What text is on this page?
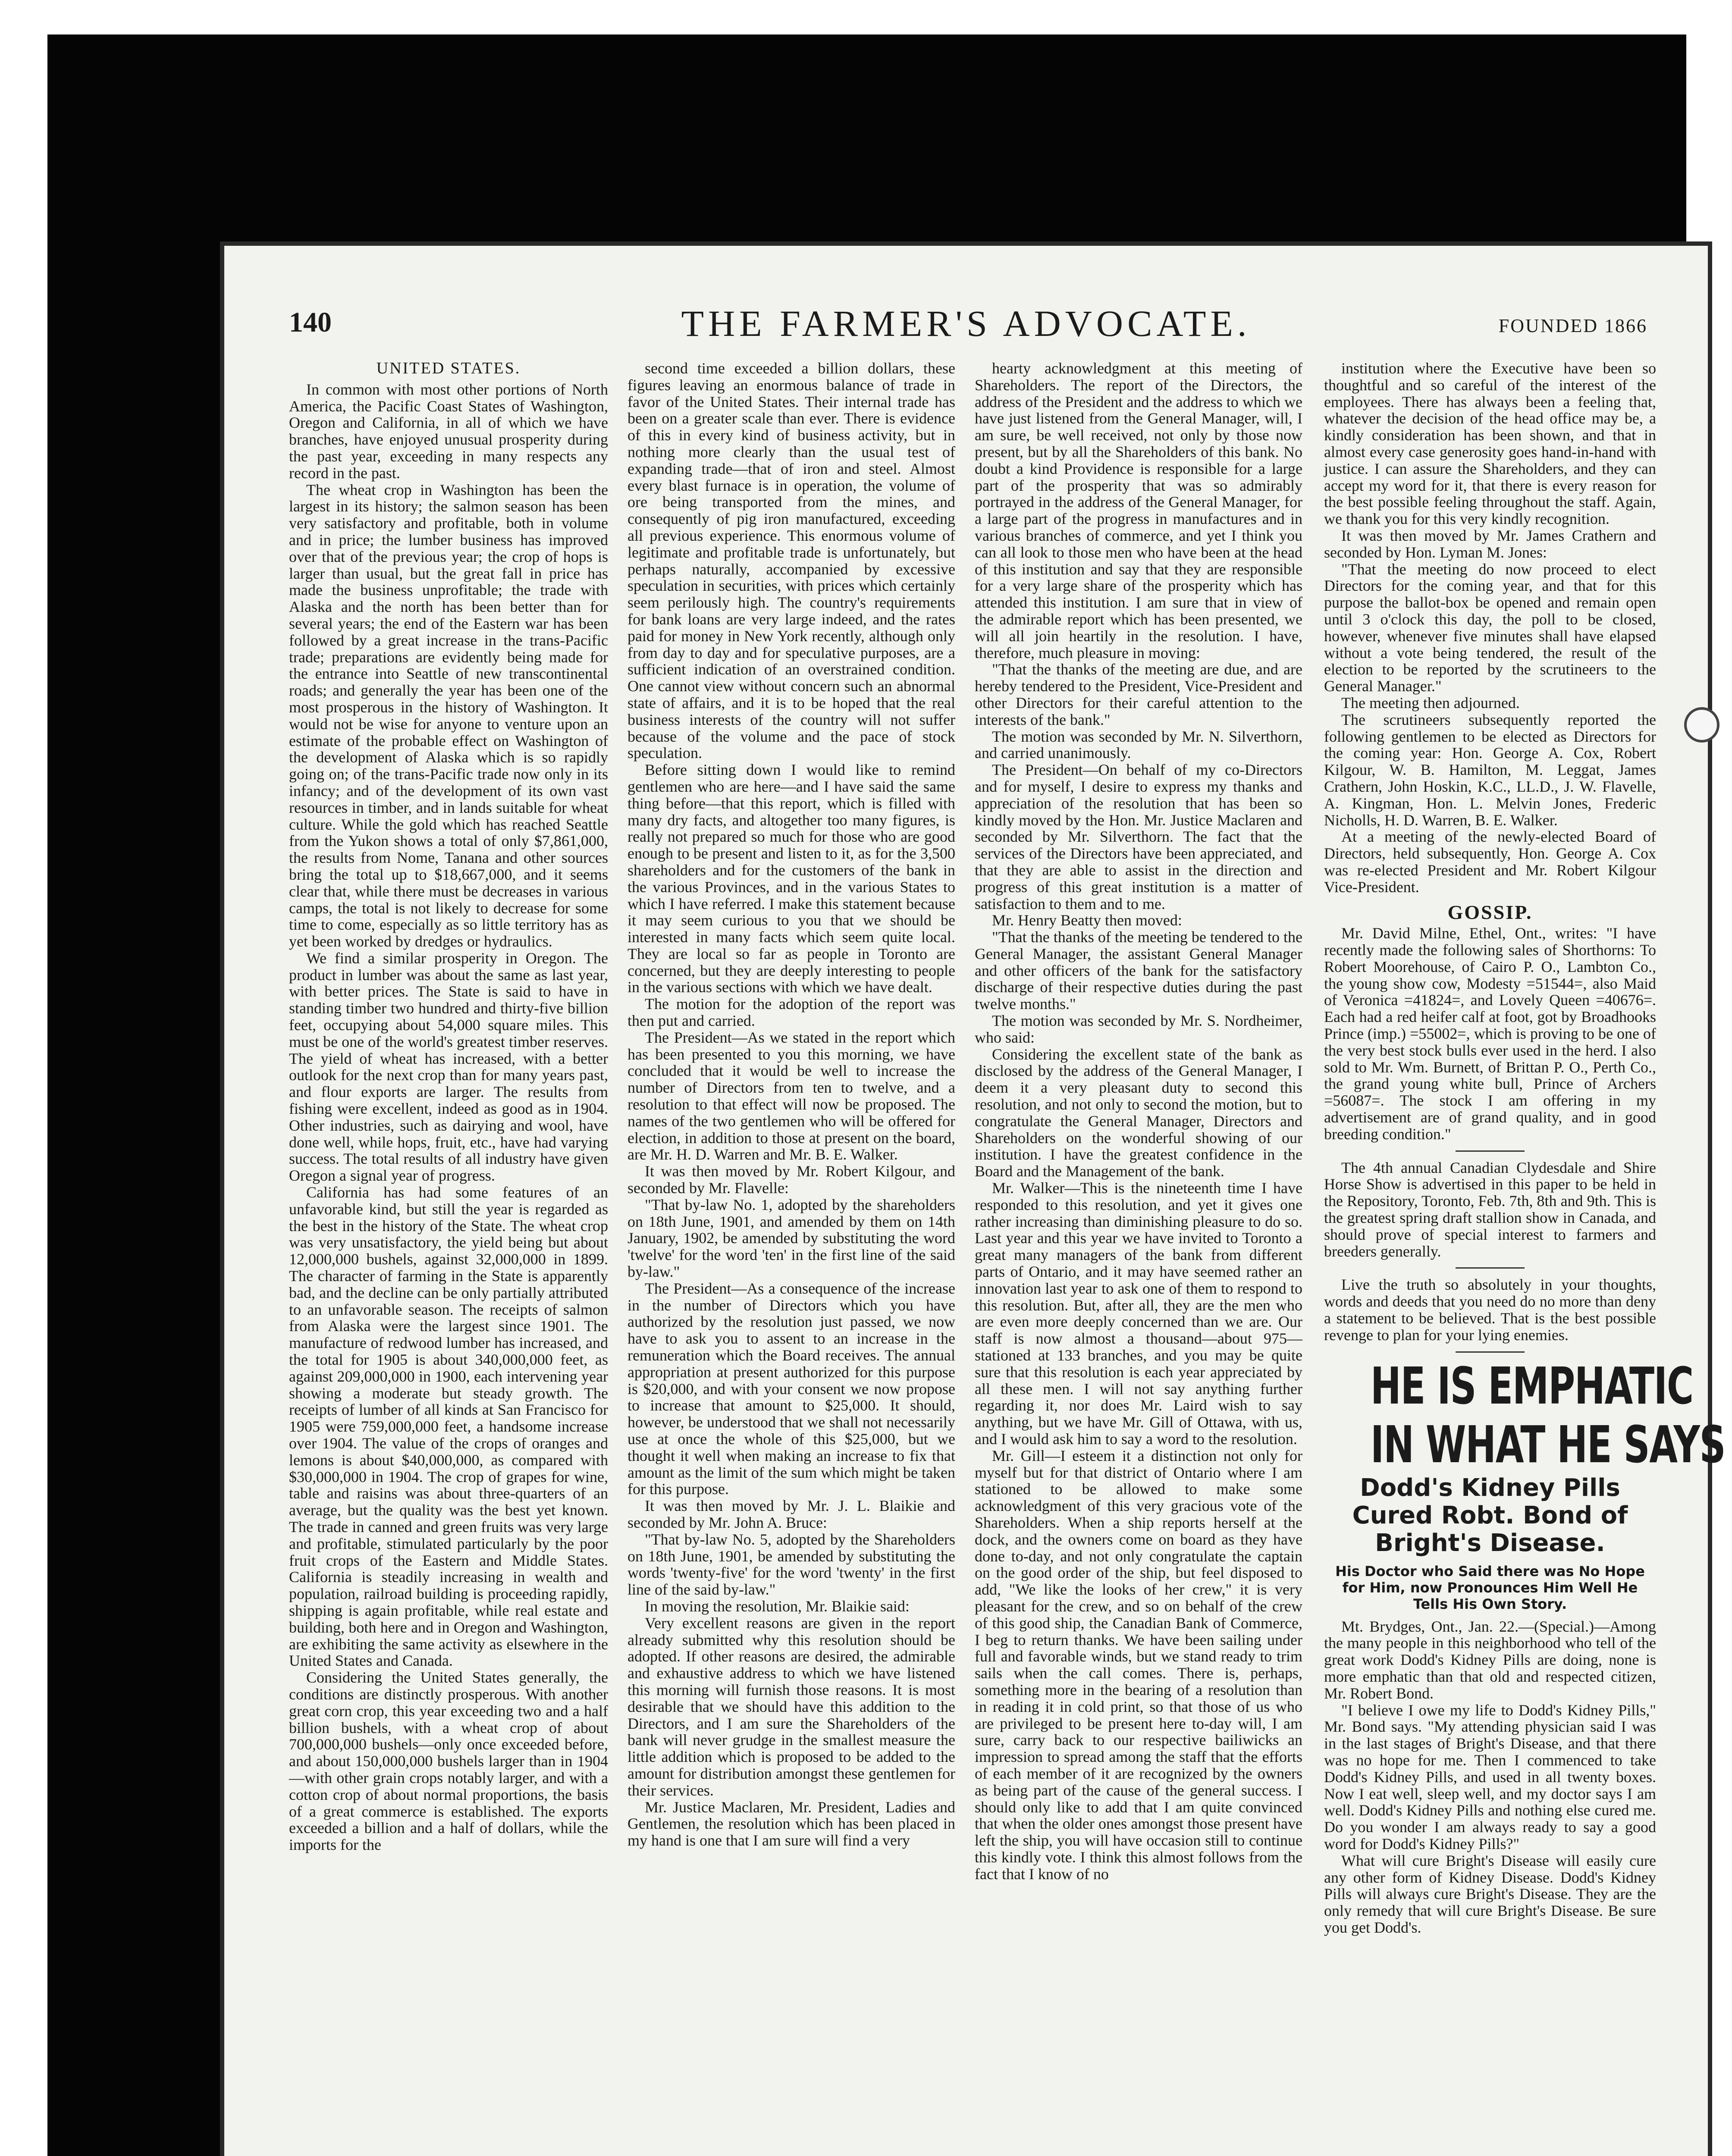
140	THE FARMER'S ADVOCATE.	FOUNDED 1866
UNITED STATES.

In common with most other portions of North America, the Pacific Coast States of Washington, Oregon and California, in all of which we have branches, have enjoyed unusual prosperity during the past year, exceeding in many respects any record in the past.

The wheat crop in Washington has been the largest in its history; the salmon season has been very satisfactory and profitable, both in volume and in price; the lumber business has improved over that of the previous year; the crop of hops is larger than usual, but the great fall in price has made the business unprofitable; the trade with Alaska and the north has been better than for several years; the end of the Eastern war has been followed by a great increase in the trans-Pacific trade; preparations are evidently being made for the entrance into Seattle of new transcontinental roads; and generally the year has been one of the most prosperous in the history of Washington. It would not be wise for anyone to venture upon an estimate of the probable effect on Washington of the development of Alaska which is so rapidly going on; of the trans-Pacific trade now only in its infancy; and of the development of its own vast resources in timber, and in lands suitable for wheat culture. While the gold which has reached Seattle from the Yukon shows a total of only $7,861,000, the results from Nome, Tanana and other sources bring the total up to $18,667,000, and it seems clear that, while there must be decreases in various camps, the total is not likely to decrease for some time to come, especially as so little territory has as yet been worked by dredges or hydraulics.

We find a similar prosperity in Oregon. The product in lumber was about the same as last year, with better prices. The State is said to have in standing timber two hundred and thirty-five billion feet, occupying about 54,000 square miles. This must be one of the world's greatest timber reserves. The yield of wheat has increased, with a better outlook for the next crop than for many years past, and flour exports are larger. The results from fishing were excellent, indeed as good as in 1904. Other industries, such as dairying and wool, have done well, while hops, fruit, etc., have had varying success. The total results of all industry have given Oregon a signal year of progress.

California has had some features of an unfavorable kind, but still the year is regarded as the best in the history of the State. The wheat crop was very unsatisfactory, the yield being but about 12,000,000 bushels, against 32,000,000 in 1899. The character of farming in the State is apparently bad, and the decline can be only partially attributed to an unfavorable season. The receipts of salmon from Alaska were the largest since 1901. The manufacture of redwood lumber has increased, and the total for 1905 is about 340,000,000 feet, as against 209,000,000 in 1900, each intervening year showing a moderate but steady growth. The receipts of lumber of all kinds at San Francisco for 1905 were 759,000,000 feet, a handsome increase over 1904. The value of the crops of oranges and lemons is about $40,000,000, as compared with $30,000,000 in 1904. The crop of grapes for wine, table and raisins was about three-quarters of an average, but the quality was the best yet known. The trade in canned and green fruits was very large and profitable, stimulated particularly by the poor fruit crops of the Eastern and Middle States. California is steadily increasing in wealth and population, railroad building is proceeding rapidly, shipping is again profitable, while real estate and building, both here and in Oregon and Washington, are exhibiting the same activity as elsewhere in the United States and Canada.

Considering the United States generally, the conditions are distinctly prosperous. With another great corn crop, this year exceeding two and a half billion bushels, with a wheat crop of about 700,000,000 bushels—only once exceeded before, and about 150,000,000 bushels larger than in 1904—with other grain crops notably larger, and with a cotton crop of about normal proportions, the basis of a great commerce is established. The exports exceeded a billion and a half of dollars, while the imports for the

second time exceeded a billion dollars, these figures leaving an enormous balance of trade in favor of the United States. Their internal trade has been on a greater scale than ever. There is evidence of this in every kind of business activity, but in nothing more clearly than the usual test of expanding trade—that of iron and steel. Almost every blast furnace is in operation, the volume of ore being transported from the mines, and consequently of pig iron manufactured, exceeding all previous experience. This enormous volume of legitimate and profitable trade is unfortunately, but perhaps naturally, accompanied by excessive speculation in securities, with prices which certainly seem perilously high. The country's requirements for bank loans are very large indeed, and the rates paid for money in New York recently, although only from day to day and for speculative purposes, are a sufficient indication of an overstrained condition. One cannot view without concern such an abnormal state of affairs, and it is to be hoped that the real business interests of the country will not suffer because of the volume and the pace of stock speculation.

Before sitting down I would like to remind gentlemen who are here—and I have said the same thing before—that this report, which is filled with many dry facts, and altogether too many figures, is really not prepared so much for those who are good enough to be present and listen to it, as for the 3,500 shareholders and for the customers of the bank in the various Provinces, and in the various States to which I have referred. I make this statement because it may seem curious to you that we should be interested in many facts which seem quite local. They are local so far as people in Toronto are concerned, but they are deeply interesting to people in the various sections with which we have dealt.

The motion for the adoption of the report was then put and carried.

The President—As we stated in the report which has been presented to you this morning, we have concluded that it would be well to increase the number of Directors from ten to twelve, and a resolution to that effect will now be proposed. The names of the two gentlemen who will be offered for election, in addition to those at present on the board, are Mr. H. D. Warren and Mr. B. E. Walker.

It was then moved by Mr. Robert Kilgour, and seconded by Mr. Flavelle:

"That by-law No. 1, adopted by the shareholders on 18th June, 1901, and amended by them on 14th January, 1902, be amended by substituting the word 'twelve' for the word 'ten' in the first line of the said by-law."

The President—As a consequence of the increase in the number of Directors which you have authorized by the resolution just passed, we now have to ask you to assent to an increase in the remuneration which the Board receives. The annual appropriation at present authorized for this purpose is $20,000, and with your consent we now propose to increase that amount to $25,000. It should, however, be understood that we shall not necessarily use at once the whole of this $25,000, but we thought it well when making an increase to fix that amount as the limit of the sum which might be taken for this purpose.

It was then moved by Mr. J. L. Blaikie and seconded by Mr. John A. Bruce:

"That by-law No. 5, adopted by the Shareholders on 18th June, 1901, be amended by substituting the words 'twenty-five' for the word 'twenty' in the first line of the said by-law."

In moving the resolution, Mr. Blaikie said:

Very excellent reasons are given in the report already submitted why this resolution should be adopted. If other reasons are desired, the admirable and exhaustive address to which we have listened this morning will furnish those reasons. It is most desirable that we should have this addition to the Directors, and I am sure the Shareholders of the bank will never grudge in the smallest measure the little addition which is proposed to be added to the amount for distribution amongst these gentlemen for their services.

Mr. Justice Maclaren, Mr. President, Ladies and Gentlemen, the resolution which has been placed in my hand is one that I am sure will find a very

hearty acknowledgment at this meeting of Shareholders. The report of the Directors, the address of the President and the address to which we have just listened from the General Manager, will, I am sure, be well received, not only by those now present, but by all the Shareholders of this bank. No doubt a kind Providence is responsible for a large part of the prosperity that was so admirably portrayed in the address of the General Manager, for a large part of the progress in manufactures and in various branches of commerce, and yet I think you can all look to those men who have been at the head of this institution and say that they are responsible for a very large share of the prosperity which has attended this institution. I am sure that in view of the admirable report which has been presented, we will all join heartily in the resolution. I have, therefore, much pleasure in moving:

"That the thanks of the meeting are due, and are hereby tendered to the President, Vice-President and other Directors for their careful attention to the interests of the bank."

The motion was seconded by Mr. N. Silverthorn, and carried unanimously.

The President—On behalf of my co-Directors and for myself, I desire to express my thanks and appreciation of the resolution that has been so kindly moved by the Hon. Mr. Justice Maclaren and seconded by Mr. Silverthorn. The fact that the services of the Directors have been appreciated, and that they are able to assist in the direction and progress of this great institution is a matter of satisfaction to them and to me.

Mr. Henry Beatty then moved:

"That the thanks of the meeting be tendered to the General Manager, the assistant General Manager and other officers of the bank for the satisfactory discharge of their respective duties during the past twelve months."

The motion was seconded by Mr. S. Nordheimer, who said:

Considering the excellent state of the bank as disclosed by the address of the General Manager, I deem it a very pleasant duty to second this resolution, and not only to second the motion, but to congratulate the General Manager, Directors and Shareholders on the wonderful showing of our institution. I have the greatest confidence in the Board and the Management of the bank.

Mr. Walker—This is the nineteenth time I have responded to this resolution, and yet it gives one rather increasing than diminishing pleasure to do so. Last year and this year we have invited to Toronto a great many managers of the bank from different parts of Ontario, and it may have seemed rather an innovation last year to ask one of them to respond to this resolution. But, after all, they are the men who are even more deeply concerned than we are. Our staff is now almost a thousand—about 975—stationed at 133 branches, and you may be quite sure that this resolution is each year appreciated by all these men. I will not say anything further regarding it, nor does Mr. Laird wish to say anything, but we have Mr. Gill of Ottawa, with us, and I would ask him to say a word to the resolution.

Mr. Gill—I esteem it a distinction not only for myself but for that district of Ontario where I am stationed to be allowed to make some acknowledgment of this very gracious vote of the Shareholders. When a ship reports herself at the dock, and the owners come on board as they have done to-day, and not only congratulate the captain on the good order of the ship, but feel disposed to add, "We like the looks of her crew," it is very pleasant for the crew, and so on behalf of the crew of this good ship, the Canadian Bank of Commerce, I beg to return thanks. We have been sailing under full and favorable winds, but we stand ready to trim sails when the call comes. There is, perhaps, something more in the bearing of a resolution than in reading it in cold print, so that those of us who are privileged to be present here to-day will, I am sure, carry back to our respective bailiwicks an impression to spread among the staff that the efforts of each member of it are recognized by the owners as being part of the cause of the general success. I should only like to add that I am quite convinced that when the older ones amongst those present have left the ship, you will have occasion still to continue this kindly vote. I think this almost follows from the fact that I know of no

institution where the Executive have been so thoughtful and so careful of the interest of the employees. There has always been a feeling that, whatever the decision of the head office may be, a kindly consideration has been shown, and that in almost every case generosity goes hand-in-hand with justice. I can assure the Shareholders, and they can accept my word for it, that there is every reason for the best possible feeling throughout the staff. Again, we thank you for this very kindly recognition.

It was then moved by Mr. James Crathern and seconded by Hon. Lyman M. Jones:

"That the meeting do now proceed to elect Directors for the coming year, and that for this purpose the ballot-box be opened and remain open until 3 o'clock this day, the poll to be closed, however, whenever five minutes shall have elapsed without a vote being tendered, the result of the election to be reported by the scrutineers to the General Manager."

The meeting then adjourned.

The scrutineers subsequently reported the following gentlemen to be elected as Directors for the coming year: Hon. George A. Cox, Robert Kilgour, W. B. Hamilton, M. Leggat, James Crathern, John Hoskin, K.C., LL.D., J. W. Flavelle, A. Kingman, Hon. L. Melvin Jones, Frederic Nicholls, H. D. Warren, B. E. Walker.

At a meeting of the newly-elected Board of Directors, held subsequently, Hon. George A. Cox was re-elected President and Mr. Robert Kilgour Vice-President.

GOSSIP.

Mr. David Milne, Ethel, Ont., writes: "I have recently made the following sales of Shorthorns: To Robert Moorehouse, of Cairo P. O., Lambton Co., the young show cow, Modesty =51544=, also Maid of Veronica =41824=, and Lovely Queen =40676=. Each had a red heifer calf at foot, got by Broadhooks Prince (imp.) =55002=, which is proving to be one of the very best stock bulls ever used in the herd. I also sold to Mr. Wm. Burnett, of Brittan P. O., Perth Co., the grand young white bull, Prince of Archers =56087=. The stock I am offering in my advertisement are of grand quality, and in good breeding condition."

The 4th annual Canadian Clydesdale and Shire Horse Show is advertised in this paper to be held in the Repository, Toronto, Feb. 7th, 8th and 9th. This is the greatest spring draft stallion show in Canada, and should prove of special interest to farmers and breeders generally.

Live the truth so absolutely in your thoughts, words and deeds that you need do no more than deny a statement to be believed. That is the best possible revenge to plan for your lying enemies.

HE IS EMPHATIC
IN WHAT HE SAYS
Dodd's Kidney Pills Cured Robt. Bond of Bright's Disease.
His Doctor who Said there was No Hope for Him, now Pronounces Him Well He Tells His Own Story.

Mt. Brydges, Ont., Jan. 22.—(Special.)—Among the many people in this neighborhood who tell of the great work Dodd's Kidney Pills are doing, none is more emphatic than that old and respected citizen, Mr. Robert Bond.

"I believe I owe my life to Dodd's Kidney Pills," Mr. Bond says. "My attending physician said I was in the last stages of Bright's Disease, and that there was no hope for me. Then I commenced to take Dodd's Kidney Pills, and used in all twenty boxes. Now I eat well, sleep well, and my doctor says I am well. Dodd's Kidney Pills and nothing else cured me. Do you wonder I am always ready to say a good word for Dodd's Kidney Pills?"

What will cure Bright's Disease will easily cure any other form of Kidney Disease. Dodd's Kidney Pills will always cure Bright's Disease. They are the only remedy that will cure Bright's Disease. Be sure you get Dodd's.
